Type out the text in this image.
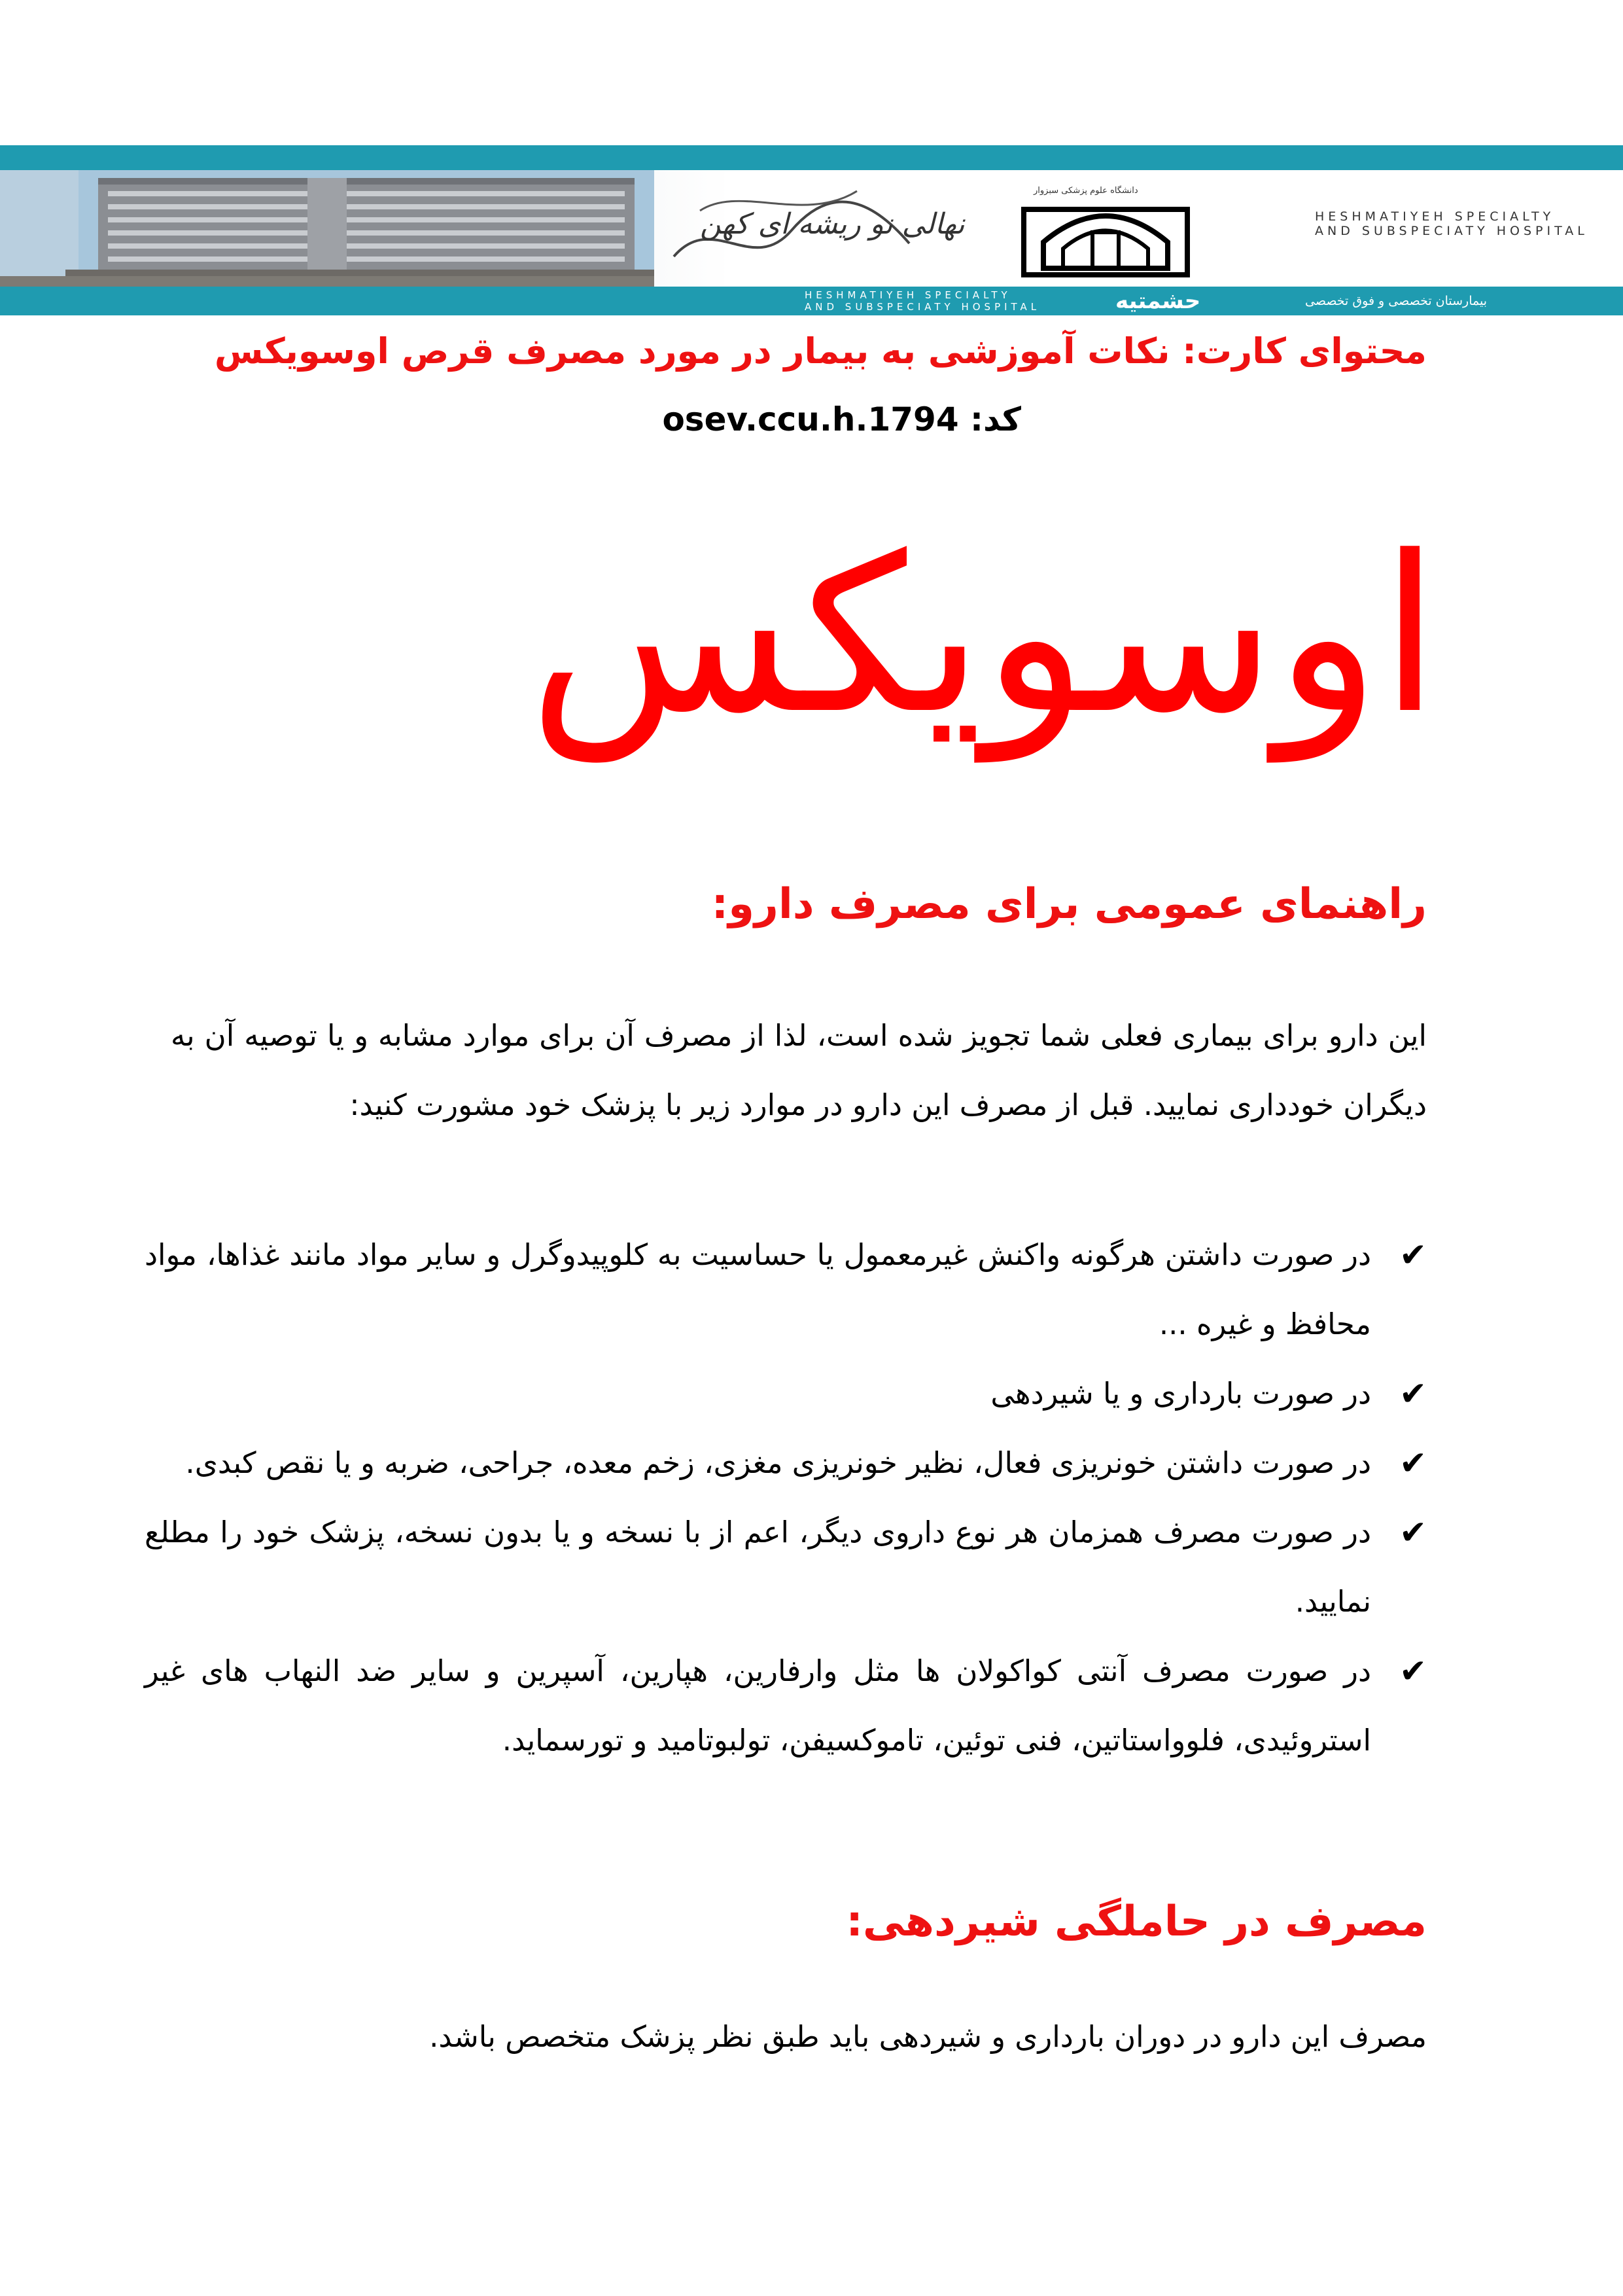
نهالی نو ریشه ای کهن
دانشگاه علوم پزشکی سبزوار
HESHMATIYEH SPECIALTY
AND SUBSPECIATY HOSPITAL
HESHMATIYEH SPECIALTY
AND SUBSPECIATY HOSPITAL	حشمتیه	بیمارستان تخصصی و فوق تخصصی
محتوای کارت: نکات آموزشی به بیمار در مورد مصرف قرص اوسویکس
کد: osev.ccu.h.1794
اوسویکس
راهنمای عمومی برای مصرف دارو:
این دارو برای بیماری فعلی شما تجویز شده است، لذا از مصرف آن برای موارد مشابه و یا توصیه آن به دیگران خودداری نمایید. قبل از مصرف این دارو در موارد زیر با پزشک خود مشورت کنید:
✔
در صورت داشتن هرگونه واکنش غیرمعمول یا حساسیت به کلوپیدوگرل و سایر مواد مانند غذاها، مواد محافظ و غیره ...
✔
در صورت بارداری و یا شیردهی
✔
در صورت داشتن خونریزی فعال، نظیر خونریزی مغزی، زخم معده، جراحی، ضربه و یا نقص کبدی.
✔
در صورت مصرف همزمان هر نوع داروی دیگر، اعم از با نسخه و یا بدون نسخه، پزشک خود را مطلع نمایید.
✔
در صورت مصرف آنتی کواکولان ها مثل وارفارین، هپارین، آسپرین و سایر ضد النهاب های غیر استروئیدی، فلوواستاتین، فنی توئین، تاموکسیفن، تولبوتامید و تورسماید.
مصرف در حاملگی شیردهی:
مصرف این دارو در دوران بارداری و شیردهی باید طبق نظر پزشک متخصص باشد.
